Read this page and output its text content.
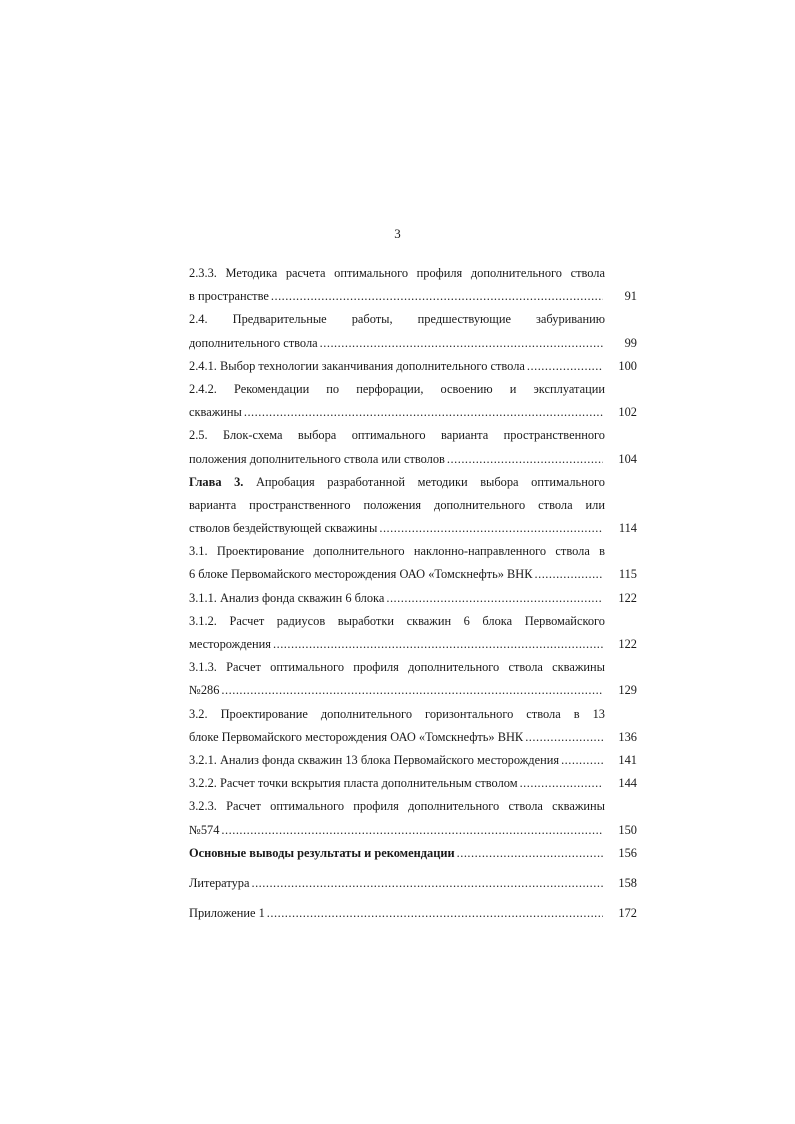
3
2.3.3. Методика расчета оптимального профиля дополнительного ствола
в пространстве .....	91
2.4. Предварительные работы, предшествующие забуриванию
дополнительного ствола .....	99
2.4.1. Выбор технологии заканчивания дополнительного ствола .....	100
2.4.2. Рекомендации по перфорации, освоению и эксплуатации
скважины .....	102
2.5. Блок-схема выбора оптимального варианта пространственного
положения дополнительного ствола или стволов .....	104
Глава 3. Апробация разработанной методики выбора оптимального
варианта пространственного положения дополнительного ствола или
стволов бездействующей скважины .....	114
3.1. Проектирование дополнительного наклонно-направленного ствола в
6 блоке Первомайского месторождения ОАО «Томскнефть» ВНК .....	115
3.1.1. Анализ фонда скважин 6 блока .....	122
3.1.2. Расчет радиусов выработки скважин 6 блока Первомайского
месторождения .....	122
3.1.3. Расчет оптимального профиля дополнительного ствола скважины
№286 .....	129
3.2. Проектирование дополнительного горизонтального ствола в 13
блоке Первомайского месторождения ОАО «Томскнефть» ВНК .....	136
3.2.1. Анализ фонда скважин 13 блока Первомайского месторождения .....	141
3.2.2. Расчет точки вскрытия пласта дополнительным стволом .....	144
3.2.3. Расчет оптимального профиля дополнительного ствола скважины
№574 .....	150
Основные выводы результаты и рекомендации .....	156
Литература .....	158
Приложение 1 .....	172
